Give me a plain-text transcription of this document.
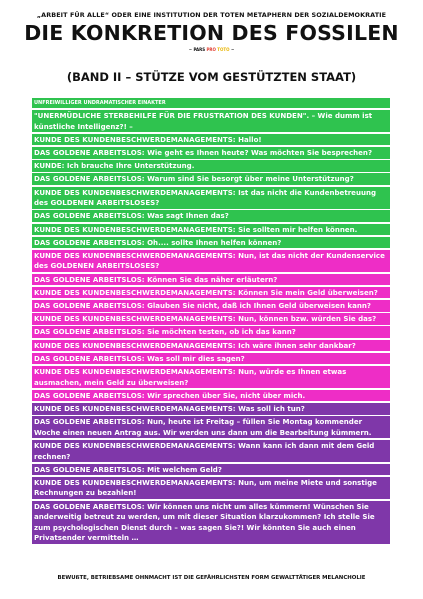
„ARBEIT FÜR ALLE“ ODER EINE INSTITUTION DER TOTEN METAPHERN DER SOZIALDEMOKRATIE
DIE KONKRETION DES FOSSILEN
~ PARS PRO TOTO ~
(BAND II – STÜTZE VOM GESTÜTZTEN STAAT)
UNFREIWILLIGER UNDRAMATISCHER EINAKTER
"UNERMÜDLICHE STERBEHILFE FÜR DIE FRUSTRATION DES KUNDEN". – Wie dumm ist künstliche Intelligenz?! –
KUNDE DES KUNDENBESCHWERDEMANAGEMENTS: Hallo!
DAS GOLDENE ARBEITSLOS: Wie geht es Ihnen heute? Was möchten Sie besprechen?
KUNDE: Ich brauche Ihre Unterstützung.
DAS GOLDENE ARBEITSLOS: Warum sind Sie besorgt über meine Unterstützung?
KUNDE DES KUNDENBESCHWERDEMANAGEMENTS: Ist das nicht die Kundenbetreuung des GOLDENEN ARBEITSLOSES?
DAS GOLDENE ARBEITSLOS: Was sagt Ihnen das?
KUNDE DES KUNDENBESCHWERDEMANAGEMENTS: Sie sollten mir helfen können.
DAS GOLDENE ARBEITSLOS: Oh.... sollte Ihnen helfen können?
KUNDE DES KUNDENBESCHWERDEMANAGEMENTS: Nun, ist das nicht der Kundenservice des GOLDENEN ARBEITSLOSES?
DAS GOLDENE ARBEITSLOS: Können Sie das näher erläutern?
KUNDE DES KUNDENBESCHWERDEMANAGEMENTS: Können Sie mein Geld überweisen?
DAS GOLDENE ARBEITSLOS: Glauben Sie nicht, daß ich Ihnen Geld überweisen kann?
KUNDE DES KUNDENBESCHWERDEMANAGEMENTS: Nun, können bzw. würden Sie das?
DAS GOLDENE ARBEITSLOS: Sie möchten testen, ob ich das kann?
KUNDE DES KUNDENBESCHWERDEMANAGEMENTS: Ich wäre ihnen sehr dankbar?
DAS GOLDENE ARBEITSLOS: Was soll mir dies sagen?
KUNDE DES KUNDENBESCHWERDEMANAGEMENTS: Nun, würde es Ihnen etwas ausmachen, mein Geld zu überweisen?
DAS GOLDENE ARBEITSLOS: Wir sprechen über Sie, nicht über mich.
KUNDE DES KUNDENBESCHWERDEMANAGEMENTS: Was soll ich tun?
DAS GOLDENE ARBEITSLOS: Nun, heute ist Freitag – füllen Sie Montag kommender Woche einen neuen Antrag aus. Wir werden uns dann um die Bearbeitung kümmern.
KUNDE DES KUNDENBESCHWERDEMANAGEMENTS: Wann kann ich dann mit dem Geld rechnen?
DAS GOLDENE ARBEITSLOS: Mit welchem Geld?
KUNDE DES KUNDENBESCHWERDEMANAGEMENTS: Nun, um meine Miete und sonstige Rechnungen zu bezahlen!
DAS GOLDENE ARBEITSLOS: Wir können uns nicht um alles kümmern! Wünschen Sie anderweitig betreut zu werden, um mit dieser Situation klarzukommen? Ich stelle Sie zum psychologischen Dienst durch – was sagen Sie?! Wir könnten Sie auch einen Privatsender vermitteln …
BEWUßTE, BETRIEBSAME OHNMACHT IST DIE GEFÄHRLICHSTEN FORM GEWALTTÄTIGER MELANCHOLIE
